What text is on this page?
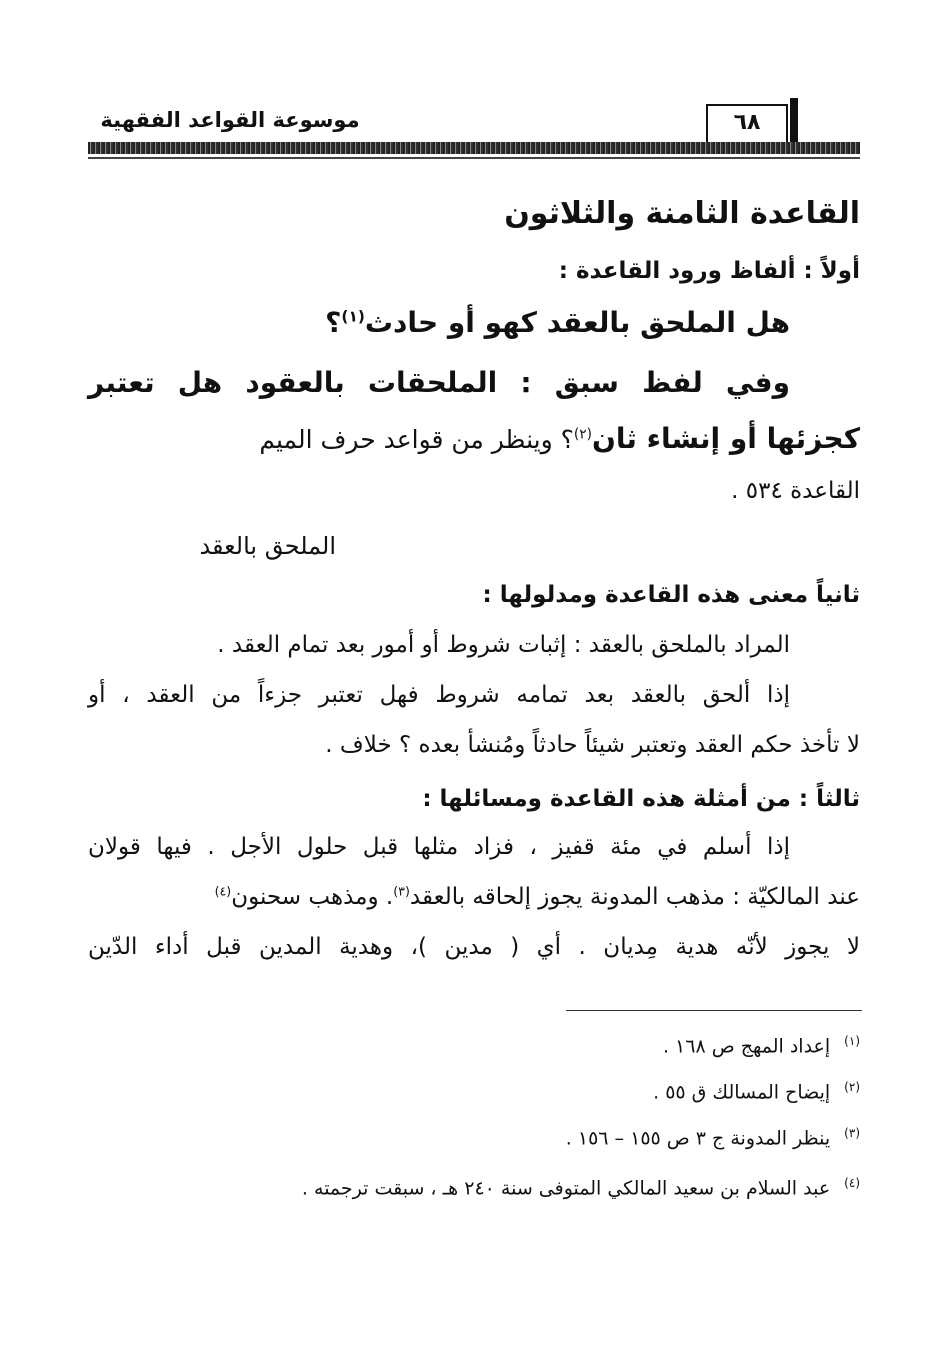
موسوعة القواعد الفقهية	٦٨
القاعدة الثامنة والثلاثون
أولاً : ألفاظ ورود القاعدة :
هل الملحق بالعقد كهو أو حادث$^{(١)}$؟
وفي لفظ سبق : الملحقات بالعقود هل تعتبر
كجزئها أو إنشاء ثان$^{(٢)}$؟ وينظر من قواعد حرف الميم
القاعدة ٥٣٤ .
الملحق بالعقد
ثانياً معنى هذه القاعدة ومدلولها :
المراد بالملحق بالعقد : إثبات شروط أو أمور بعد تمام العقد .
إذا ألحق بالعقد بعد تمامه شروط فهل تعتبر جزءاً من العقد ، أو
لا تأخذ حكم العقد وتعتبر شيئاً حادثاً ومُنشأ بعده ؟ خلاف .
ثالثاً : من أمثلة هذه القاعدة ومسائلها :
إذا أسلم في مئة قفيز ، فزاد مثلها قبل حلول الأجل . فيها قولان
عند المالكيّة : مذهب المدونة يجوز إلحاقه بالعقد$^{(٣)}$. ومذهب سحنون$^{(٤)}$
لا يجوز لأنّه هدية مِديان . أي ( مدين )، وهدية المدين قبل أداء الدّين
$^{(١)}$إعداد المهج ص ١٦٨ .
$^{(٢)}$إيضاح المسالك ق ٥٥ .
$^{(٣)}$ينظر المدونة ج ٣ ص ١٥٥ – ١٥٦ .
$^{(٤)}$عبد السلام بن سعيد المالكي المتوفى سنة ٢٤٠ هـ ، سبقت ترجمته .
